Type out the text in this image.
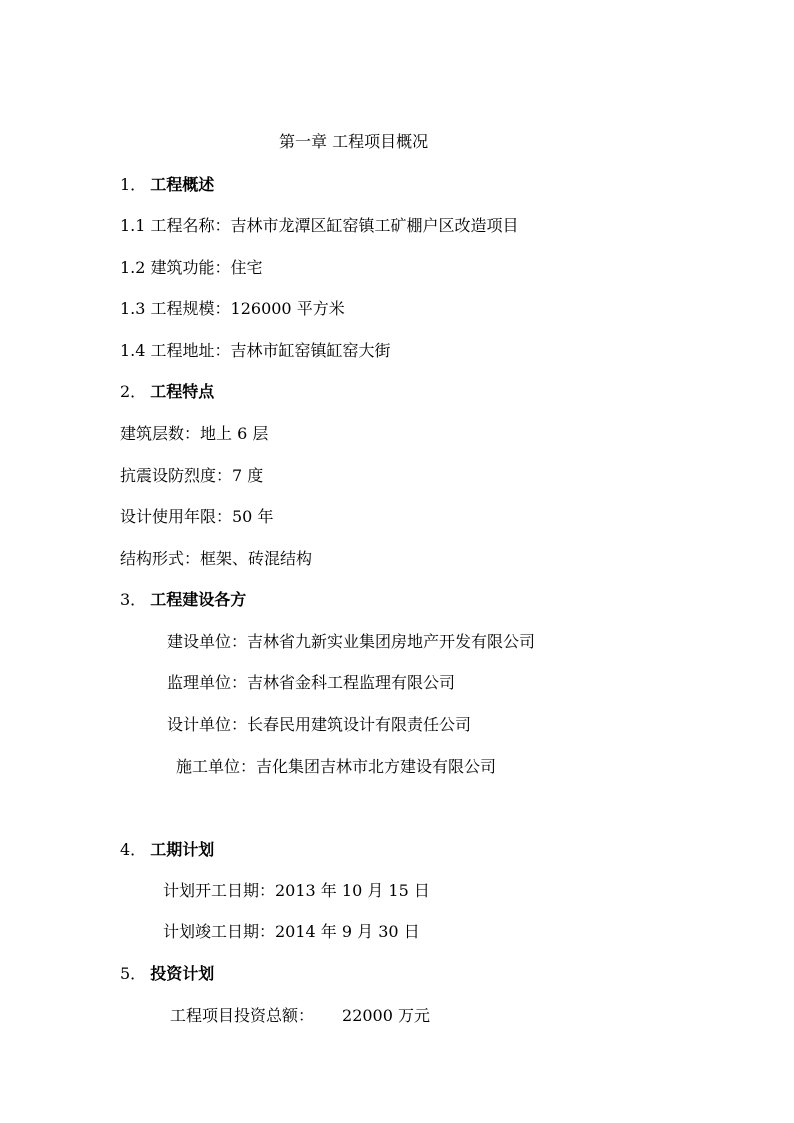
第一章 工程项目概况
1． 工程概述
1.1 工程名称：吉林市龙潭区缸窑镇工矿棚户区改造项目
1.2 建筑功能：住宅
1.3 工程规模：126000 平方米
1.4 工程地址：吉林市缸窑镇缸窑大街
2． 工程特点
建筑层数：地上 6 层
抗震设防烈度：7 度
设计使用年限：50 年
结构形式：框架、砖混结构
3． 工程建设各方
建设单位：吉林省九新实业集团房地产开发有限公司
监理单位：吉林省金科工程监理有限公司
设计单位：长春民用建筑设计有限责任公司
施工单位：吉化集团吉林市北方建设有限公司
4． 工期计划
计划开工日期：2013 年 10 月 15 日
计划竣工日期：2014 年 9 月 30 日
5． 投资计划
工程项目投资总额： 22000 万元
